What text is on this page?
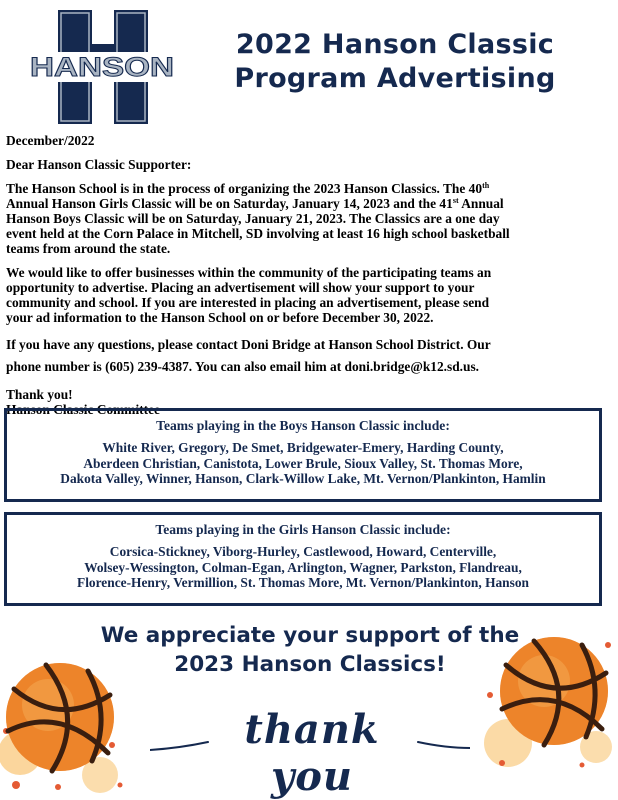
HANSON
2022 Hanson Classic
Program Advertising

December/2022

Dear Hanson Classic Supporter:

The Hanson School is in the process of organizing the 2023 Hanson Classics. The 40th
Annual Hanson Girls Classic will be on Saturday, January 14, 2023 and the 41st Annual
Hanson Boys Classic will be on Saturday, January 21, 2023. The Classics are a one day
event held at the Corn Palace in Mitchell, SD involving at least 16 high school basketball
teams from around the state.

We would like to offer businesses within the community of the participating teams an
opportunity to advertise. Placing an advertisement will show your support to your
community and school. If you are interested in placing an advertisement, please send
your ad information to the Hanson School on or before December 30, 2022.

If you have any questions, please contact Doni Bridge at Hanson School District. Our
phone number is (605) 239-4387. You can also email him at doni.bridge@k12.sd.us.

Thank you!

Hanson Classic Committee

Teams playing in the Boys Hanson Classic include:
White River, Gregory, De Smet, Bridgewater-Emery, Harding County,
Aberdeen Christian, Canistota, Lower Brule, Sioux Valley, St. Thomas More,
Dakota Valley, Winner, Hanson, Clark-Willow Lake, Mt. Vernon/Plankinton, Hamlin
Teams playing in the Girls Hanson Classic include:
Corsica-Stickney, Viborg-Hurley, Castlewood, Howard, Centerville,
Wolsey-Wessington, Colman-Egan, Arlington, Wagner, Parkston, Flandreau,
Florence-Henry, Vermillion, St. Thomas More, Mt. Vernon/Plankinton, Hanson
We appreciate your support of the
2023 Hanson Classics!
thank you
